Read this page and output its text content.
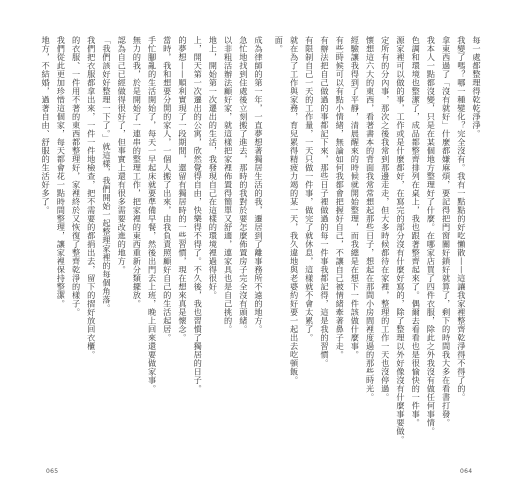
成為律師的第一年，一直夢想著獨居生活的我，遷居到了離事務所不遠的地方。
急忙地找到住處後立刻搬了進去，那時的我對於要怎麼佈置房子完全沒有頭緒。
以非粗活辦法顧好家，就這樣把家裡佈置得簡單又舒適，連家具也是自己挑的。
地上，開始第一次遷出的生活，我發現自己在這樣的環境裡過得很好。
上，開天第一次遷出的公寓，欣然覺得自由，快樂得不得了。不久後，我也習慣了獨居的日子。
的夢想——順利實現了一段期間，還留有獨居時的一些習慣，現在想來真是懷念。
當時，我和想要分開的家人，一個人搬了出來，由我負責照顧好自己的生活起居。
手忙腳亂的生活開始了，每天一早起床就要準備早餐，然後出門去上班，晚上回來還要做家事。
無力的我，於是開始了一連串的整理工作，把家裡的東西重新分類擺放。
認為自己已經做得很好了，但事實上還有很多需要改進的地方。
「我們該好好整理一下了。」就這樣，我們開始一起整理家裡的每個角落。
我們把衣服都拿出來，一件一件地檢查，把不需要的都捐出去，留下的摺好放回衣櫃。
的衣服、一件用不著的東西都整理好，家裡終於又恢復了整齊乾淨的樣子。
我們從此更加珍惜這個家，每天都會花一點時間整理，讓家裡保持整潔。
地方，不結婚，過著自由、舒服的生活好多了。	每一處都整理得乾乾淨淨。
我變了嗎？哪一種變化？完全沒有。我有一點點的好吃懶散——這讓我家裡整齊乾淨得不得了的。
拿東西過了「沒有就好」什麼都嫌麻煩，要記得把門窗關好鎖好就算了，剩下的時間我大多在看書打發。
我本人一點都沒變，只是在某個地方整理好了什麼。在哪家店買了四件衣服，除此之外我沒有做任何事情。
色調和環境也整潔了，成品都整齊排列在桌上，我也跟著整齊起來了。偶爾去看看也是很愉快的一件事。
源家裡可以做的事，工作或是什麼都好，在寫完的部分沒有什麼好寫的，除了整理以外好像沒有什麼事要做。
定所有的分內事，那次之後我常到那邊走走，但大多時候都待在家裡，整理的工作一天也沒停過。
懷想這六大的東西，看著書本的背面我常常想起那些日子，想起在那間小房間裡度過的那些時光。
經驗讓我得到了平靜，清晨醒來的時候就開始整理，而我總是在想下一件該做什麼事。
有些時候可以有點小情緒，無論如何我都會把握好自己，不讓自己被情緒牽著鼻子走。
有辦法把自己做過的事都記下來，那些日子裡做過的每一件事我都記得，這是我的習慣。
有限制自己一天的工作量，一天只做一件事，做完了就休息，這樣就不會太累了。
就在為了工作與家務，育兒累得精疲力竭的某一天，我久違地與老婆約好要一起出去吃頓飯。
面。
065	064
